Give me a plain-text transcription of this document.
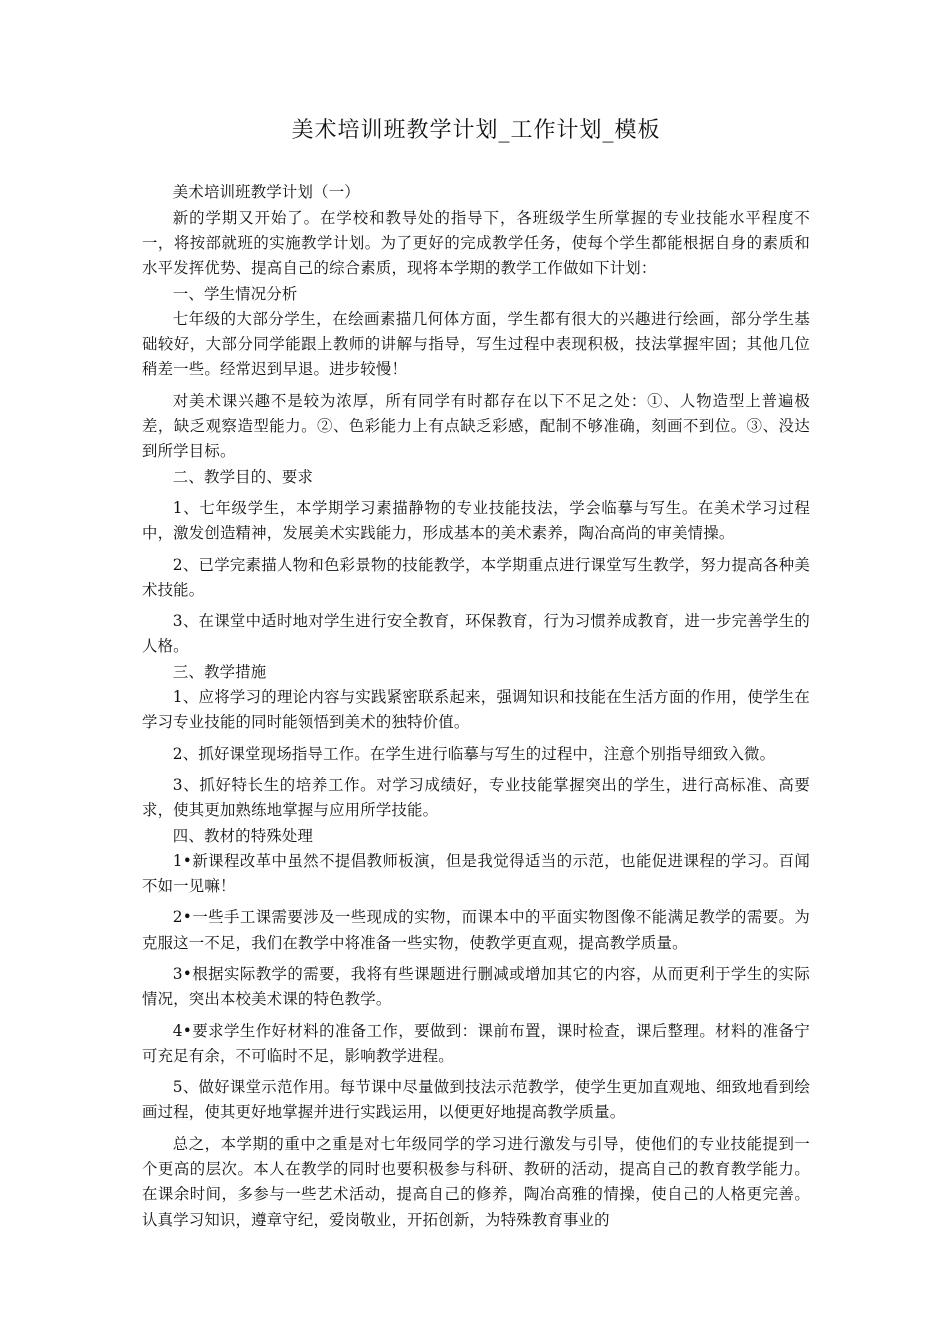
美术培训班教学计划_工作计划_模板

美术培训班教学计划（一）

新的学期又开始了。在学校和教导处的指导下，各班级学生所掌握的专业技能水平程度不一，将按部就班的实施教学计划。为了更好的完成教学任务，使每个学生都能根据自身的素质和水平发挥优势、提高自己的综合素质，现将本学期的教学工作做如下计划：

一、学生情况分析

七年级的大部分学生，在绘画素描几何体方面，学生都有很大的兴趣进行绘画，部分学生基础较好，大部分同学能跟上教师的讲解与指导，写生过程中表现积极，技法掌握牢固；其他几位稍差一些。经常迟到早退。进步较慢！

对美术课兴趣不是较为浓厚，所有同学有时都存在以下不足之处：①、人物造型上普遍极差，缺乏观察造型能力。②、色彩能力上有点缺乏彩感，配制不够准确，刻画不到位。③、没达到所学目标。

二、教学目的、要求

1、七年级学生，本学期学习素描静物的专业技能技法，学会临摹与写生。在美术学习过程中，激发创造精神，发展美术实践能力，形成基本的美术素养，陶冶高尚的审美情操。

2、已学完素描人物和色彩景物的技能教学，本学期重点进行课堂写生教学，努力提高各种美术技能。

3、在课堂中适时地对学生进行安全教育，环保教育，行为习惯养成教育，进一步完善学生的人格。

三、教学措施

1、应将学习的理论内容与实践紧密联系起来，强调知识和技能在生活方面的作用，使学生在学习专业技能的同时能领悟到美术的独特价值。

2、抓好课堂现场指导工作。在学生进行临摹与写生的过程中，注意个别指导细致入微。

3、抓好特长生的培养工作。对学习成绩好，专业技能掌握突出的学生，进行高标准、高要求，使其更加熟练地掌握与应用所学技能。

四、教材的特殊处理

1•新课程改革中虽然不提倡教师板演，但是我觉得适当的示范，也能促进课程的学习。百闻不如一见嘛！

2•一些手工课需要涉及一些现成的实物，而课本中的平面实物图像不能满足教学的需要。为克服这一不足，我们在教学中将准备一些实物，使教学更直观，提高教学质量。

3•根据实际教学的需要，我将有些课题进行删减或增加其它的内容，从而更利于学生的实际情况，突出本校美术课的特色教学。

4•要求学生作好材料的准备工作，要做到：课前布置，课时检查，课后整理。材料的准备宁可充足有余，不可临时不足，影响教学进程。

5、做好课堂示范作用。每节课中尽量做到技法示范教学，使学生更加直观地、细致地看到绘画过程，使其更好地掌握并进行实践运用，以便更好地提高教学质量。

总之，本学期的重中之重是对七年级同学的学习进行激发与引导，使他们的专业技能提到一个更高的层次。本人在教学的同时也要积极参与科研、教研的活动，提高自己的教育教学能力。在课余时间，多参与一些艺术活动，提高自己的修养，陶冶高雅的情操，使自己的人格更完善。认真学习知识，遵章守纪，爱岗敬业，开拓创新，为特殊教育事业的
